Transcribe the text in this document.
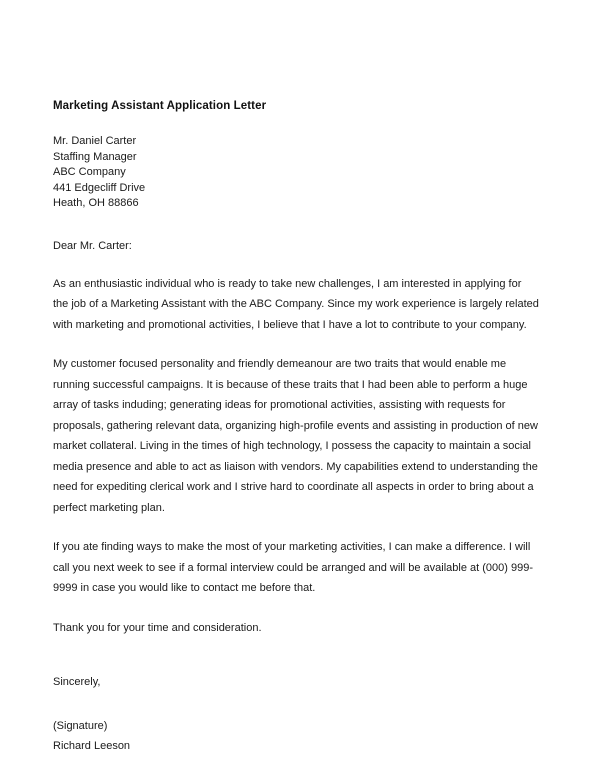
Marketing Assistant Application Letter
Mr. Daniel Carter
Staffing Manager
ABC Company
441 Edgecliff Drive
Heath, OH 88866
Dear Mr. Carter:

As an enthusiastic individual who is ready to take new challenges, I am interested in applying for the job of a Marketing Assistant with the ABC Company. Since my work experience is largely related with marketing and promotional activities, I believe that I have a lot to contribute to your company.

My customer focused personality and friendly demeanour are two traits that would enable me running successful campaigns. It is because of these traits that I had been able to perform a huge array of tasks induding; generating ideas for promotional activities, assisting with requests for proposals, gathering relevant data, organizing high-profile events and assisting in production of new market collateral. Living in the times of high technology, I possess the capacity to maintain a social media presence and able to act as liaison with vendors. My capabilities extend to understanding the need for expediting clerical work and I strive hard to coordinate all aspects in order to bring about a perfect marketing plan.

If you ate finding ways to make the most of your marketing activities, I can make a difference. I will call you next week to see if a formal interview could be arranged and will be available at (000) 999-9999 in case you would like to contact me before that.

Thank you for your time and consideration.

Sincerely,
(Signature)
Richard Leeson
